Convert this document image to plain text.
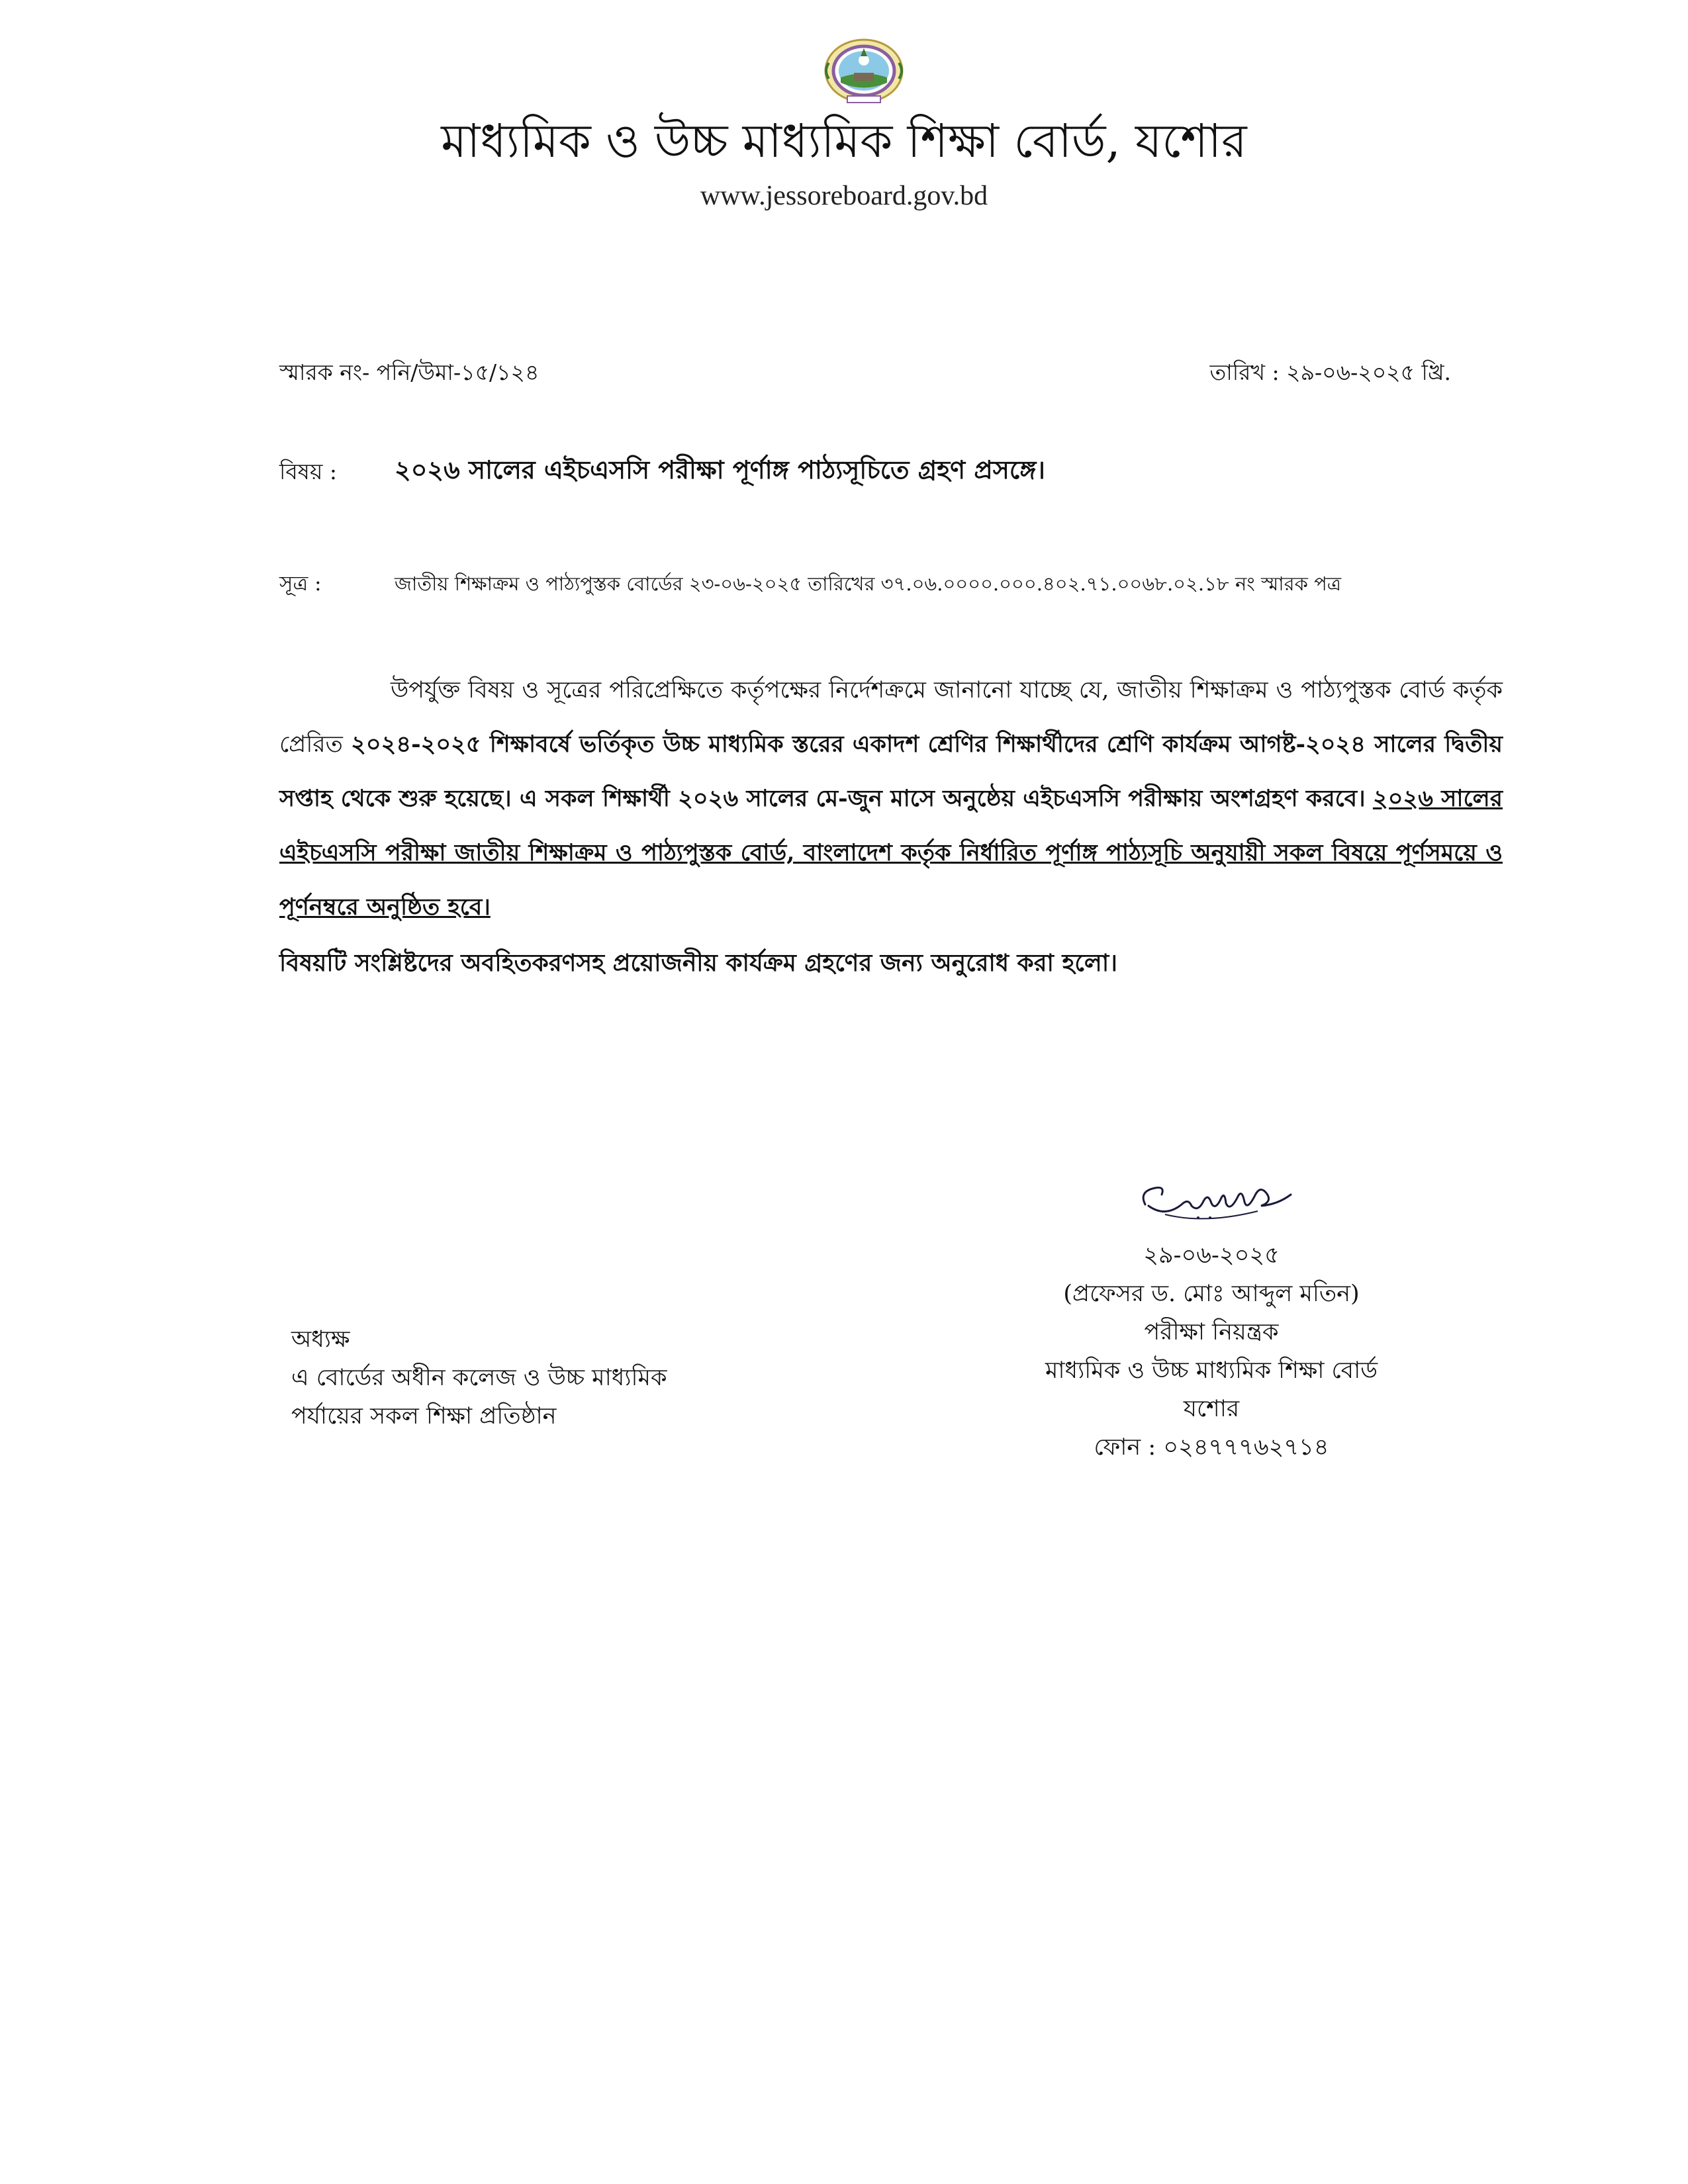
মাধ্যমিক ও উচ্চ মাধ্যমিক শিক্ষা বোর্ড, যশোর
www.jessoreboard.gov.bd
স্মারক নং- পনি/উমা-১৫/১২৪	তারিখ : ২৯-০৬-২০২৫ খ্রি.
বিষয় : ২০২৬ সালের এইচএসসি পরীক্ষা পূর্ণাঙ্গ পাঠ্যসূচিতে গ্রহণ প্রসঙ্গে।
সূত্র :	জাতীয় শিক্ষাক্রম ও পাঠ্যপুস্তক বোর্ডের ২৩-০৬-২০২৫ তারিখের ৩৭.০৬.০০০০.০০০.৪০২.৭১.০০৬৮.০২.১৮ নং স্মারক পত্র

উপর্যুক্ত বিষয় ও সূত্রের পরিপ্রেক্ষিতে কর্তৃপক্ষের নির্দেশক্রমে জানানো যাচ্ছে যে, জাতীয় শিক্ষাক্রম ও পাঠ্যপুস্তক বোর্ড কর্তৃক প্রেরিত ২০২৪-২০২৫ শিক্ষাবর্ষে ভর্তিকৃত উচ্চ মাধ্যমিক স্তরের একাদশ শ্রেণির শিক্ষার্থীদের শ্রেণি কার্যক্রম আগষ্ট-২০২৪ সালের দ্বিতীয় সপ্তাহ থেকে শুরু হয়েছে। এ সকল শিক্ষার্থী ২০২৬ সালের মে-জুন মাসে অনুষ্ঠেয় এইচএসসি পরীক্ষায় অংশগ্রহণ করবে। ২০২৬ সালের এইচএসসি পরীক্ষা জাতীয় শিক্ষাক্রম ও পাঠ্যপুস্তক বোর্ড, বাংলাদেশ কর্তৃক নির্ধারিত পূর্ণাঙ্গ পাঠ্যসূচি অনুযায়ী সকল বিষয়ে পূর্ণসময়ে ও পূর্ণনম্বরে অনুষ্ঠিত হবে।

বিষয়টি সংশ্লিষ্টদের অবহিতকরণসহ প্রয়োজনীয় কার্যক্রম গ্রহণের জন্য অনুরোধ করা হলো।
২৯-০৬-২০২৫
(প্রফেসর ড. মোঃ আব্দুল মতিন)
পরীক্ষা নিয়ন্ত্রক
মাধ্যমিক ও উচ্চ মাধ্যমিক শিক্ষা বোর্ড
যশোর
ফোন : ০২৪৭৭৭৬২৭১৪
অধ্যক্ষ
এ বোর্ডের অধীন কলেজ ও উচ্চ মাধ্যমিক
পর্যায়ের সকল শিক্ষা প্রতিষ্ঠান
